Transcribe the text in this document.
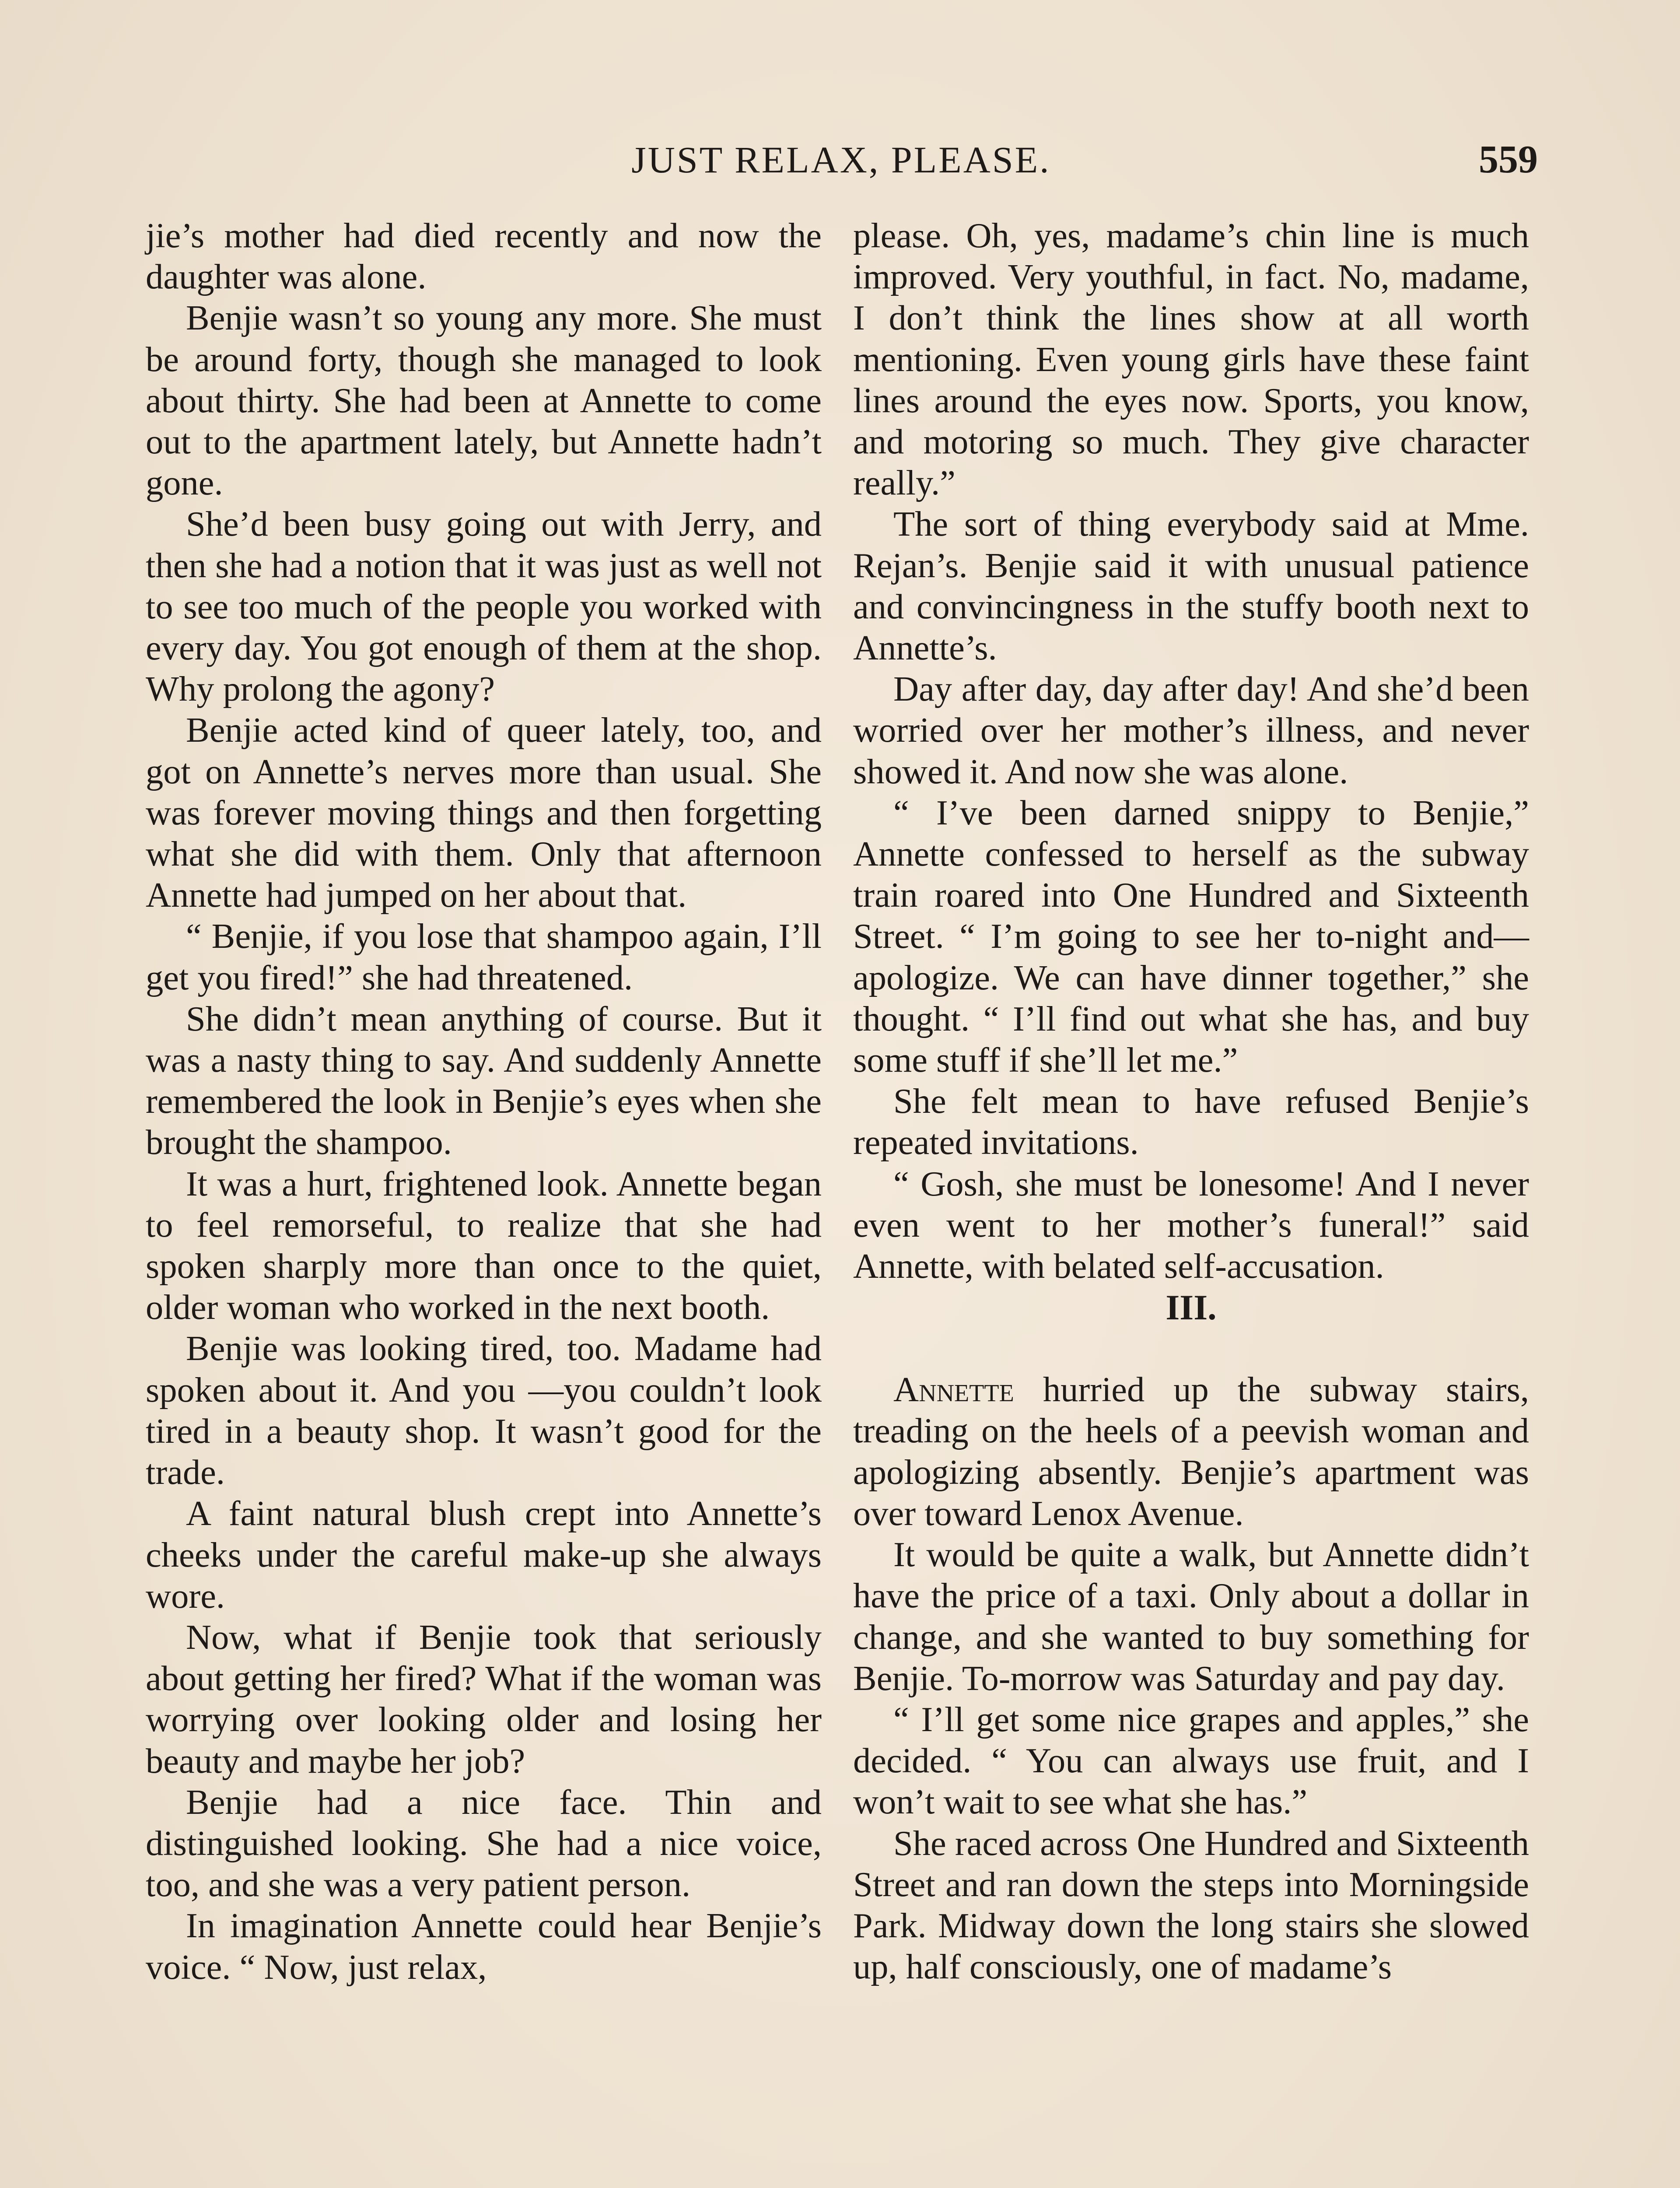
JUST RELAX, PLEASE.	559

jie’s mother had died recently and now the daughter was alone.

Benjie wasn’t so young any more. She must be around forty, though she managed to look about thirty. She had been at Annette to come out to the apartment lately, but Annette hadn’t gone.

She’d been busy going out with Jerry, and then she had a notion that it was just as well not to see too much of the people you worked with every day. You got enough of them at the shop. Why prolong the agony?

Benjie acted kind of queer lately, too, and got on Annette’s nerves more than usual. She was forever moving things and then forgetting what she did with them. Only that afternoon Annette had jumped on her about that.

“ Benjie, if you lose that shampoo again, I’ll get you fired!” she had threatened.

She didn’t mean anything of course. But it was a nasty thing to say. And suddenly Annette remembered the look in Benjie’s eyes when she brought the shampoo.

It was a hurt, frightened look. Annette began to feel remorseful, to realize that she had spoken sharply more than once to the quiet, older woman who worked in the next booth.

Benjie was looking tired, too. Madame had spoken about it. And you —you couldn’t look tired in a beauty shop. It wasn’t good for the trade.

A faint natural blush crept into Annette’s cheeks under the careful make-up she always wore.

Now, what if Benjie took that seriously about getting her fired? What if the woman was worrying over looking older and losing her beauty and maybe her job?

Benjie had a nice face. Thin and distinguished looking. She had a nice voice, too, and she was a very patient person.

In imagination Annette could hear Benjie’s voice. “ Now, just relax,

please. Oh, yes, madame’s chin line is much improved. Very youthful, in fact. No, madame, I don’t think the lines show at all worth mentioning. Even young girls have these faint lines around the eyes now. Sports, you know, and motoring so much. They give character really.”

The sort of thing everybody said at Mme. Rejan’s. Benjie said it with unusual patience and convincingness in the stuffy booth next to Annette’s.

Day after day, day after day! And she’d been worried over her mother’s illness, and never showed it. And now she was alone.

“ I’ve been darned snippy to Benjie,” Annette confessed to herself as the subway train roared into One Hundred and Sixteenth Street. “ I’m going to see her to-night and—apologize. We can have dinner together,” she thought. “ I’ll find out what she has, and buy some stuff if she’ll let me.”

She felt mean to have refused Benjie’s repeated invitations.

“ Gosh, she must be lonesome! And I never even went to her mother’s funeral!” said Annette, with belated self-accusation.

III.

Annette hurried up the subway stairs, treading on the heels of a peevish woman and apologizing absently. Benjie’s apartment was over toward Lenox Avenue.

It would be quite a walk, but Annette didn’t have the price of a taxi. Only about a dollar in change, and she wanted to buy something for Benjie. To-morrow was Saturday and pay day.

“ I’ll get some nice grapes and apples,” she decided. “ You can always use fruit, and I won’t wait to see what she has.”

She raced across One Hundred and Sixteenth Street and ran down the steps into Morningside Park. Midway down the long stairs she slowed up, half consciously, one of madame’s
